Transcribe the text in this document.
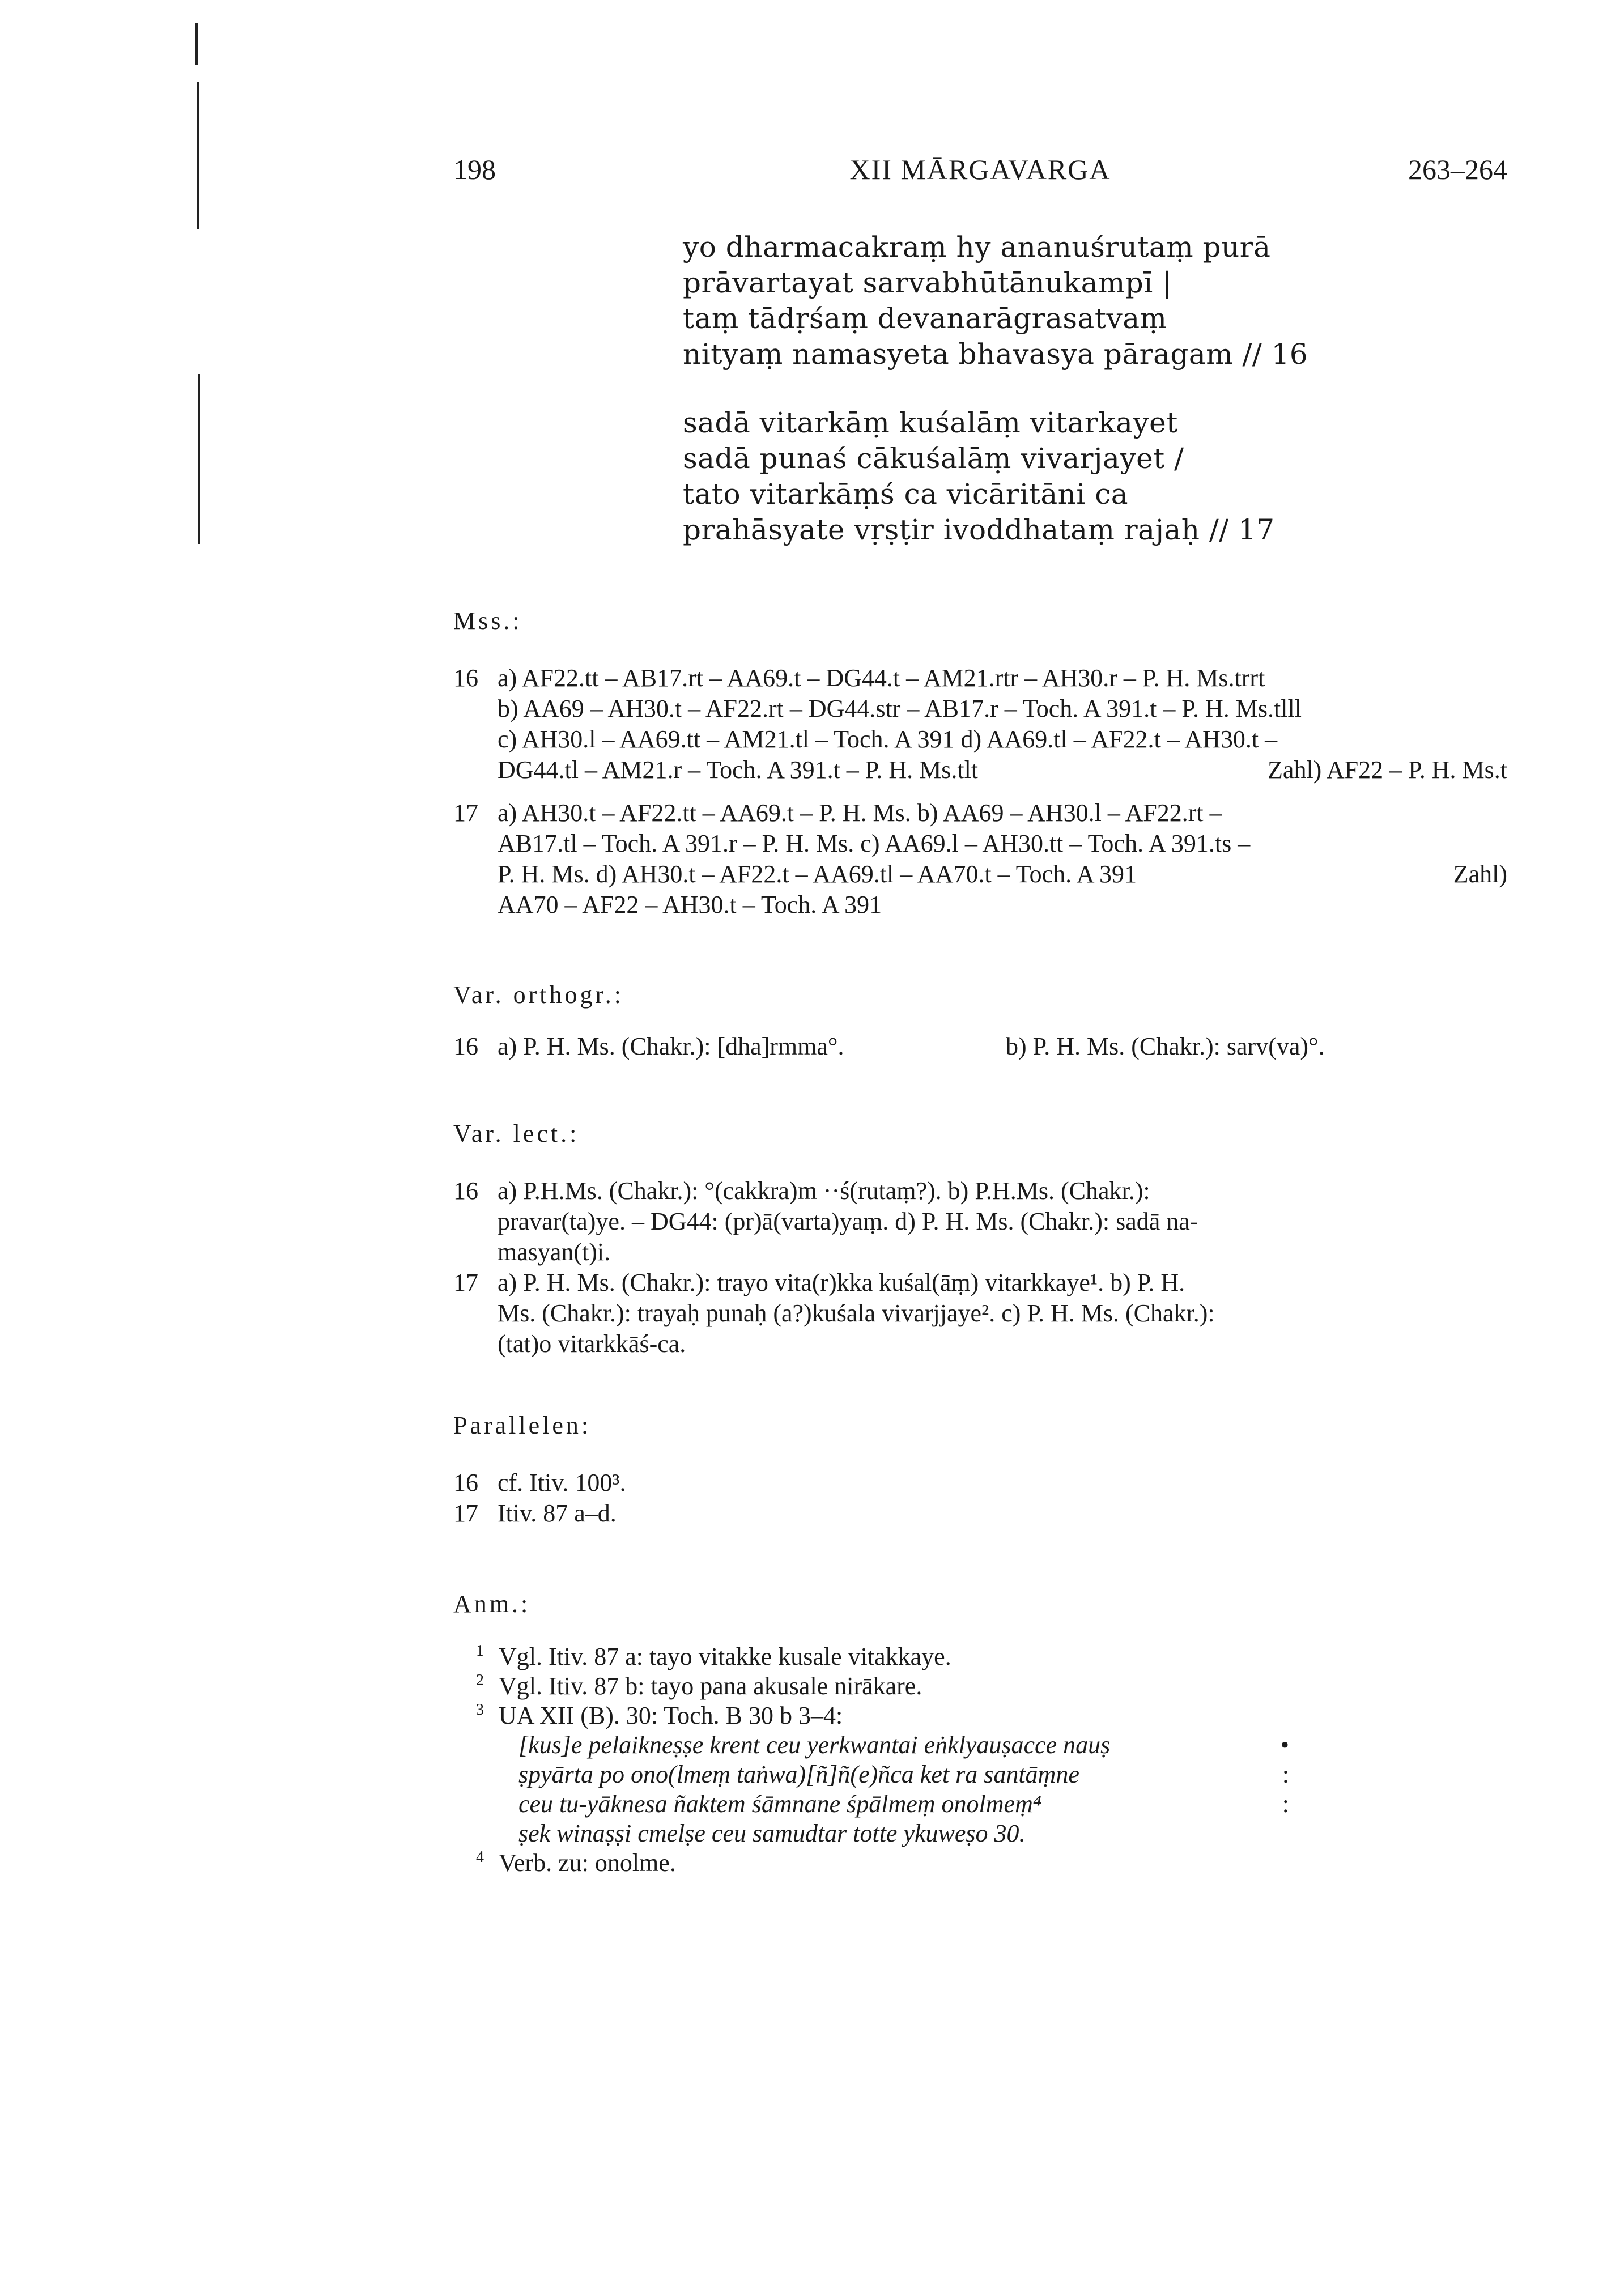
198	XII MĀRGAVARGA	263–264
yo dharmacakraṃ hy ananuśrutaṃ purā
prāvartayat sarvabhūtānukampī |
taṃ tādṛśaṃ devanarāgrasatvaṃ
nityaṃ namasyeta bhavasya pāragam // 16
sadā vitarkāṃ kuśalāṃ vitarkayet
sadā punaś cākuśalāṃ vivarjayet /
tato vitarkāṃś ca vicāritāni ca
prahāsyate vṛṣṭir ivoddhataṃ rajaḥ // 17
Mss.:
16 a) AF22.tt – AB17.rt – AA69.t – DG44.t – AM21.rtr – AH30.r – P. H. Ms.trrt
b) AA69 – AH30.t – AF22.rt – DG44.str – AB17.r – Toch. A 391.t – P. H. Ms.tlll
c) AH30.l – AA69.tt – AM21.tl – Toch. A 391 d) AA69.tl – AF22.t – AH30.t –
DG44.tl – AM21.r – Toch. A 391.t – P. H. Ms.tlt	Zahl) AF22 – P. H. Ms.t
17 a) AH30.t – AF22.tt – AA69.t – P. H. Ms. b) AA69 – AH30.l – AF22.rt –
AB17.tl – Toch. A 391.r – P. H. Ms. c) AA69.l – AH30.tt – Toch. A 391.ts –
P. H. Ms. d) AH30.t – AF22.t – AA69.tl – AA70.t – Toch. A 391	Zahl)
AA70 – AF22 – AH30.t – Toch. A 391
Var. orthogr.:
16 a) P. H. Ms. (Chakr.): [dha]rmma°.	b) P. H. Ms. (Chakr.): sarv(va)°.
Var. lect.:
16 a) P.H.Ms. (Chakr.): °(cakkra)m ··ś(rutaṃ?). b) P.H.Ms. (Chakr.):
pravar(ta)ye. – DG44: (pr)ā(varta)yaṃ. d) P. H. Ms. (Chakr.): sadā na-
masyan(t)i.
17 a) P. H. Ms. (Chakr.): trayo vita(r)kka kuśal(āṃ) vitarkkaye¹. b) P. H.
Ms. (Chakr.): trayaḥ punaḥ (a?)kuśala vivarjjaye². c) P. H. Ms. (Chakr.):
(tat)o vitarkkāś-ca.
Parallelen:
16 cf. Itiv. 100³.
17 Itiv. 87 a–d.
Anm.:
1 Vgl. Itiv. 87 a: tayo vitakke kusale vitakkaye.
2 Vgl. Itiv. 87 b: tayo pana akusale nirākare.
3 UA XII (B). 30: Toch. B 30 b 3–4:
[kus]e pelaikneṣṣe krent ceu yerkwantai eṅklyauṣacce nauṣ	•
ṣpyārta po ono(lmeṃ taṅwa)[ñ]ñ(e)ñca ket ra santāṃne	:
ceu tu-yāknesa ñaktem śāmnane śpālmeṃ onolmeṃ⁴	:
ṣek winaṣṣi cmelṣe ceu samudtar totte ykuweṣo 30.
4 Verb. zu: onolme.
